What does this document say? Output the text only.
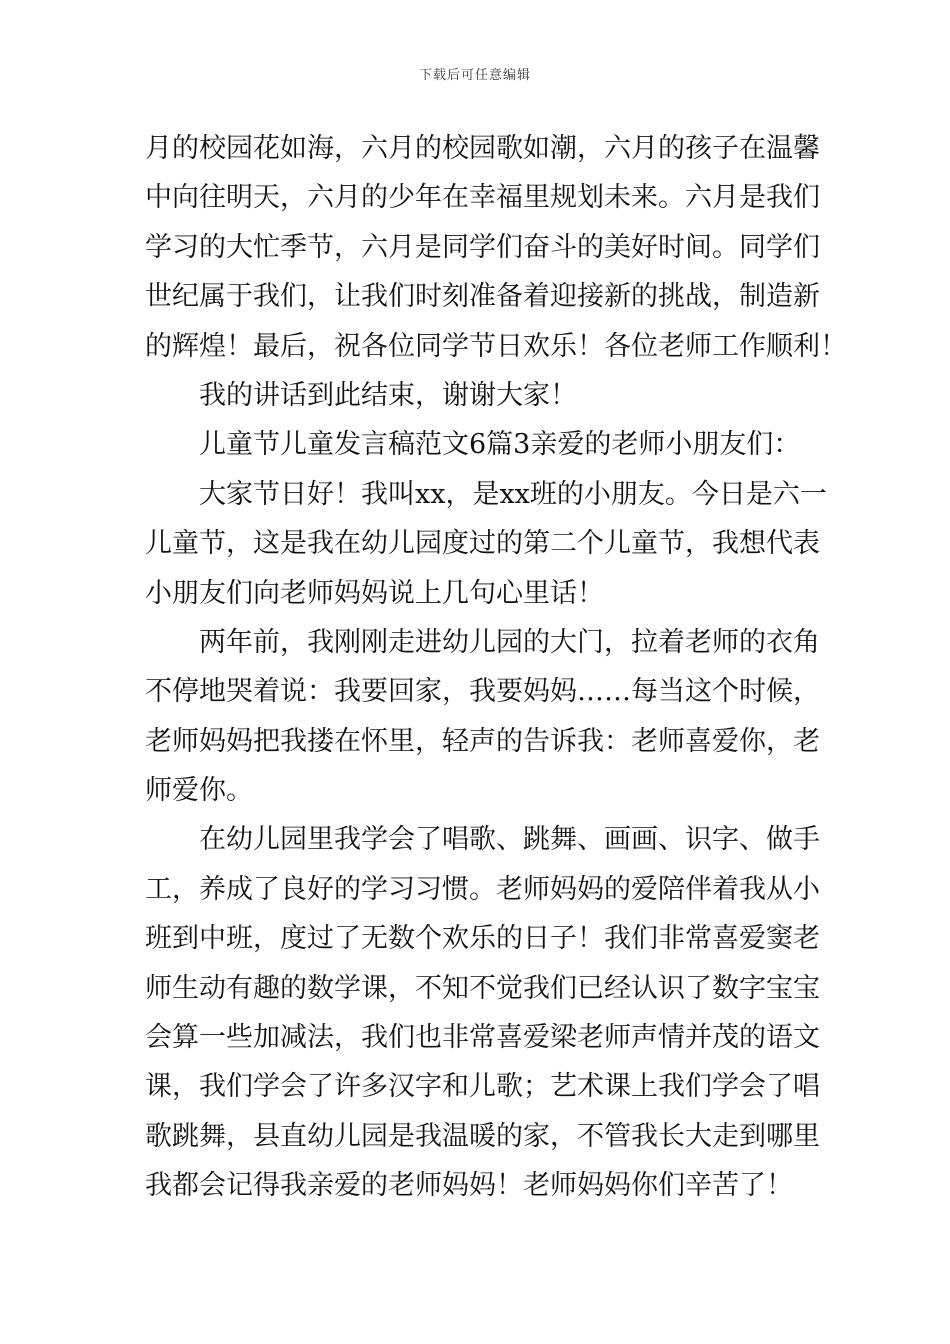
下载后可任意编辑
月的校园花如海，六月的校园歌如潮，六月的孩子在温馨
中向往明天，六月的少年在幸福里规划未来。六月是我们
学习的大忙季节，六月是同学们奋斗的美好时间。同学们
世纪属于我们，让我们时刻准备着迎接新的挑战，制造新
的辉煌！最后，祝各位同学节日欢乐！各位老师工作顺利！
我的讲话到此结束，谢谢大家！
儿童节儿童发言稿范文6篇3亲爱的老师小朋友们：
大家节日好！我叫xx，是xx班的小朋友。今日是六一
儿童节，这是我在幼儿园度过的第二个儿童节，我想代表
小朋友们向老师妈妈说上几句心里话！
两年前，我刚刚走进幼儿园的大门，拉着老师的衣角
不停地哭着说：我要回家，我要妈妈……每当这个时候，
老师妈妈把我搂在怀里，轻声的告诉我：老师喜爱你，老
师爱你。
在幼儿园里我学会了唱歌、跳舞、画画、识字、做手
工，养成了良好的学习习惯。老师妈妈的爱陪伴着我从小
班到中班，度过了无数个欢乐的日子！我们非常喜爱窦老
师生动有趣的数学课，不知不觉我们已经认识了数字宝宝
会算一些加减法，我们也非常喜爱梁老师声情并茂的语文
课，我们学会了许多汉字和儿歌；艺术课上我们学会了唱
歌跳舞，县直幼儿园是我温暖的家，不管我长大走到哪里
我都会记得我亲爱的老师妈妈！老师妈妈你们辛苦了！
